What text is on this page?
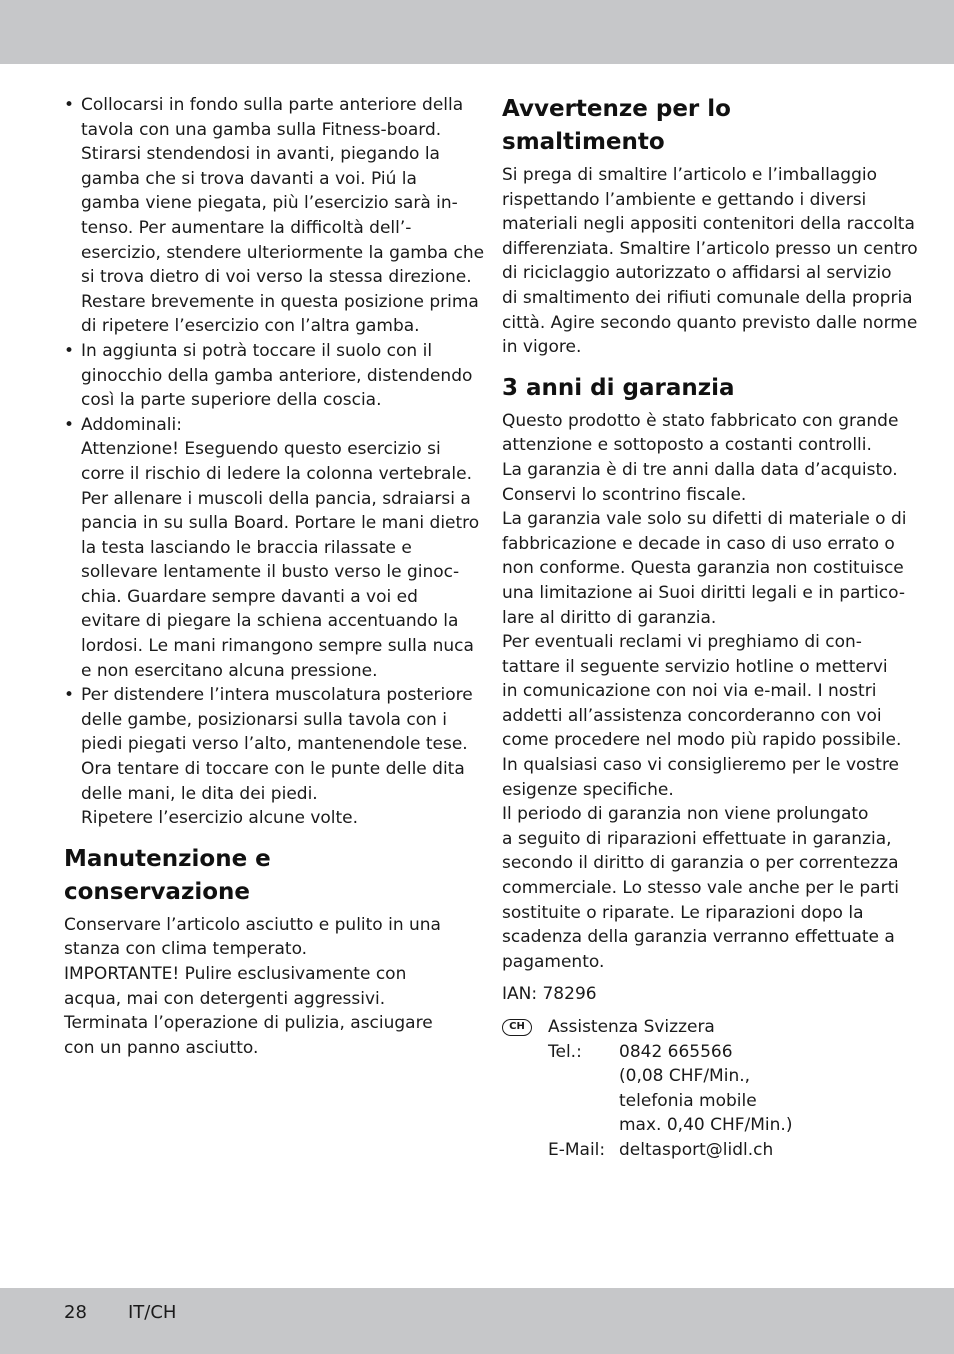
• Collocarsi in fondo sulla parte anteriore della
tavola con una gamba sulla Fitness-board.
Stirarsi stendendosi in avanti, piegando la
gamba che si trova davanti a voi. Piú la
gamba viene piegata, più l’esercizio sarà in-
tenso. Per aumentare la difficoltà dell’-
esercizio, stendere ulteriormente la gamba che
si trova dietro di voi verso la stessa direzione.
Restare brevemente in questa posizione prima
di ripetere l’esercizio con l’altra gamba.
• In aggiunta si potrà toccare il suolo con il
ginocchio della gamba anteriore, distendendo
così la parte superiore della coscia.
• Addominali:
Attenzione! Eseguendo questo esercizio si
corre il rischio di ledere la colonna vertebrale.
Per allenare i muscoli della pancia, sdraiarsi a
pancia in su sulla Board. Portare le mani dietro
la testa lasciando le braccia rilassate e
sollevare lentamente il busto verso le ginoc-
chia. Guardare sempre davanti a voi ed
evitare di piegare la schiena accentuando la
lordosi. Le mani rimangono sempre sulla nuca
e non esercitano alcuna pressione.
• Per distendere l’intera muscolatura posteriore
delle gambe, posizionarsi sulla tavola con i
piedi piegati verso l’alto, mantenendole tese.
Ora tentare di toccare con le punte delle dita
delle mani, le dita dei piedi.
Ripetere l’esercizio alcune volte.
Manutenzione e
conservazione
Conservare l’articolo asciutto e pulito in una
stanza con clima temperato.
IMPORTANTE! Pulire esclusivamente con
acqua, mai con detergenti aggressivi.
Terminata l’operazione di pulizia, asciugare
con un panno asciutto.
Avvertenze per lo
smaltimento
Si prega di smaltire l’articolo e l’imballaggio
rispettando l’ambiente e gettando i diversi
materiali negli appositi contenitori della raccolta
differenziata. Smaltire l’articolo presso un centro
di riciclaggio autorizzato o affidarsi al servizio
di smaltimento dei rifiuti comunale della propria
città. Agire secondo quanto previsto dalle norme
in vigore.
3 anni di garanzia
Questo prodotto è stato fabbricato con grande
attenzione e sottoposto a costanti controlli.
La garanzia è di tre anni dalla data d’acquisto.
Conservi lo scontrino fiscale.
La garanzia vale solo su difetti di materiale o di
fabbricazione e decade in caso di uso errato o
non conforme. Questa garanzia non costituisce
una limitazione ai Suoi diritti legali e in partico-
lare al diritto di garanzia.
Per eventuali reclami vi preghiamo di con-
tattare il seguente servizio hotline o mettervi
in comunicazione con noi via e-mail. I nostri
addetti all’assistenza concorderanno con voi
come procedere nel modo più rapido possibile.
In qualsiasi caso vi consiglieremo per le vostre
esigenze specifiche.
Il periodo di garanzia non viene prolungato
a seguito di riparazioni effettuate in garanzia,
secondo il diritto di garanzia o per correntezza
commerciale. Lo stesso vale anche per le parti
sostituite o riparate. Le riparazioni dopo la
scadenza della garanzia verranno effettuate a
pagamento.
IAN: 78296
CH	Assistenza Svizzera
Tel.:	0842 665566
(0,08 CHF/Min.,
telefonia mobile
max. 0,40 CHF/Min.)
E-Mail: deltasport@lidl.ch
28 IT/CH
